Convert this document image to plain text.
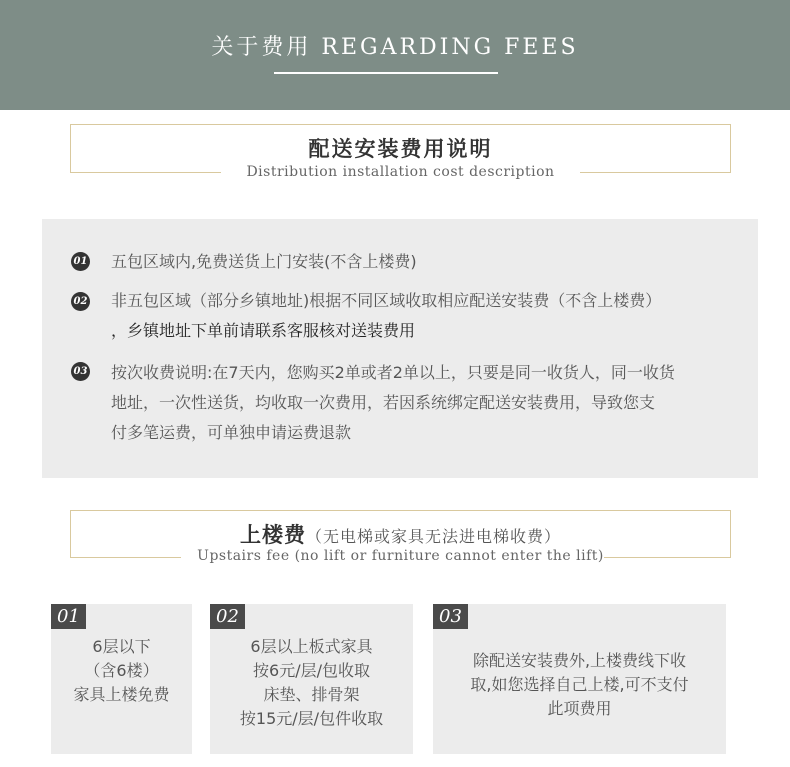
关于费用 REGARDING FEES
配送安装费用说明
Distribution installation cost description
01 五包区域内,免费送货上门安装(不含上楼费)
02 非五包区域（部分乡镇地址)根据不同区域收取相应配送安装费（不含上楼费）
，乡镇地址下单前请联系客服核对送装费用
03 按次收费说明:在7天内，您购买2单或者2单以上，只要是同一收货人，同一收货
地址，一次性送货，均收取一次费用，若因系统绑定配送安装费用，导致您支
付多笔运费，可单独申请运费退款
上楼费（无电梯或家具无法进电梯收费）
Upstairs fee (no lift or furniture cannot enter the lift)
01
6层以下
（含6楼）
家具上楼免费
02
6层以上板式家具
按6元/层/包收取
床垫、排骨架
按15元/层/包件收取
03
除配送安装费外,上楼费线下收
取,如您选择自己上楼,可不支付
此项费用
